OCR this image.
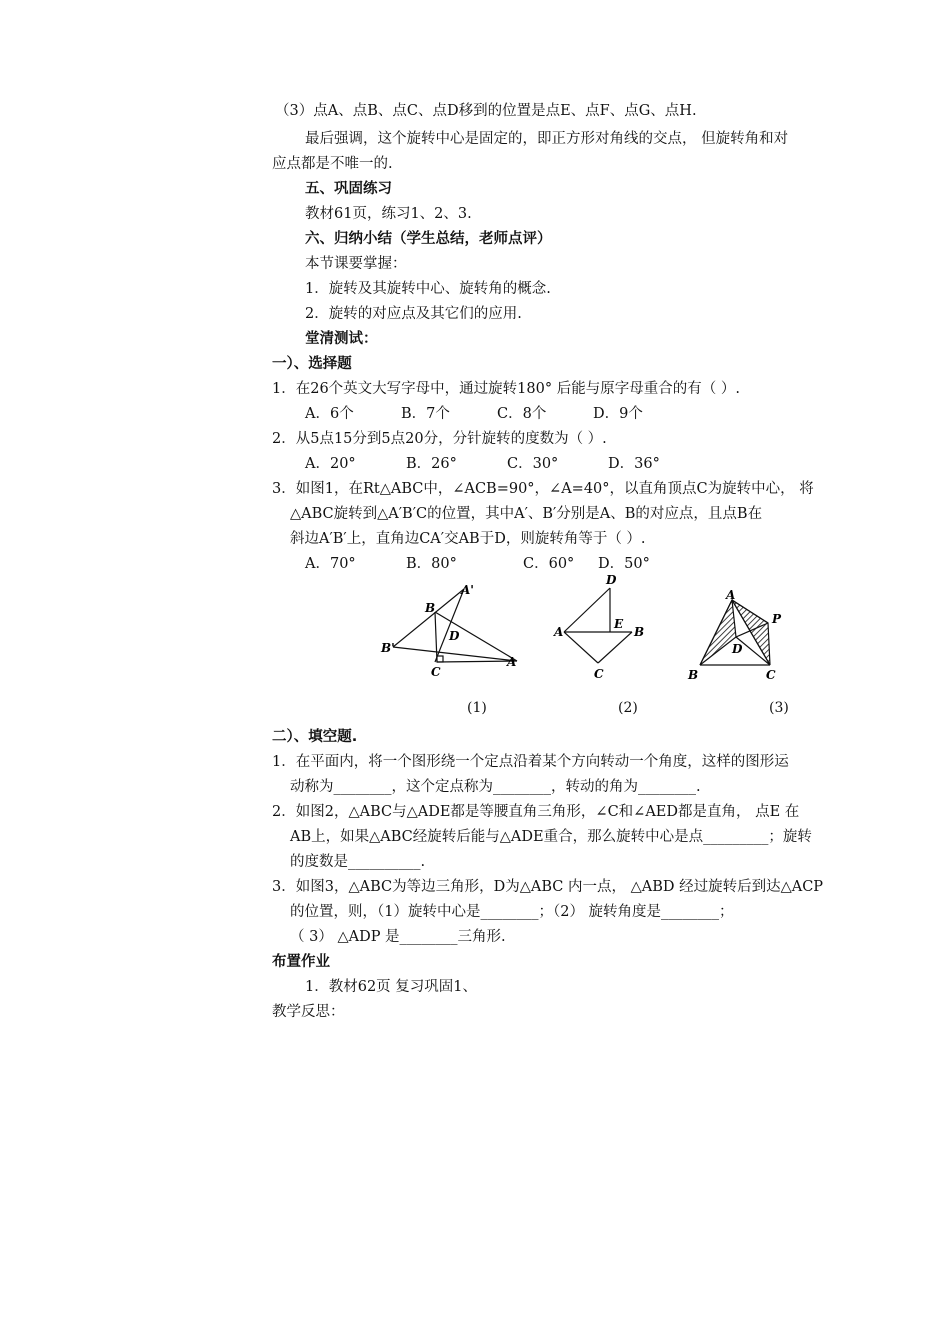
（3）点A、点B、点C、点D移到的位置是点E、点F、点G、点H.
最后强调，这个旋转中心是固定的，即正方形对角线的交点， 但旋转角和对
应点都是不唯一的.
五、巩固练习
教材61页，练习1、2、3.
六、归纳小结（学生总结，老师点评）
本节课要掌握：
1．旋转及其旋转中心、旋转角的概念.
2．旋转的对应点及其它们的应用.
堂清测试：
一）、选择题
1．在26个英文大写字母中，通过旋转180° 后能与原字母重合的有（ ）.
A．6个	B．7个	C．8个	D．9个
2．从5点15分到5点20分，分针旋转的度数为（ ）.
A．20°	B．26°	C．30°	D．36°
3．如图1，在Rt△ABC中，∠ACB=90°，∠A=40°，以直角顶点C为旋转中心， 将
△ABC旋转到△A′B′C的位置，其中A′、B′分别是A、B的对应点，且点B在
斜边A′B′上，直角边CA′交AB于D，则旋转角等于（ ）.
A．70°	B．80°	C．60° D．50°
A'
B
D
B'
C
A
D
E
A	B
C
A
P
D
B	C
(1)	(2)	(3)
二）、填空题.
1．在平面内，将一个图形绕一个定点沿着某个方向转动一个角度，这样的图形运
动称为________，这个定点称为________，转动的角为________.
2．如图2，△ABC与△ADE都是等腰直角三角形，∠C和∠AED都是直角， 点E 在
AB上，如果△ABC经旋转后能与△ADE重合，那么旋转中心是点_________；旋转
的度数是__________.
3．如图3，△ABC为等边三角形，D为△ABC 内一点， △ABD 经过旋转后到达△ACP
的位置，则，（1）旋转中心是________；（2） 旋转角度是________；
（ 3） △ADP 是________三角形.
布置作业
1．教材62页 复习巩固1、
教学反思：
